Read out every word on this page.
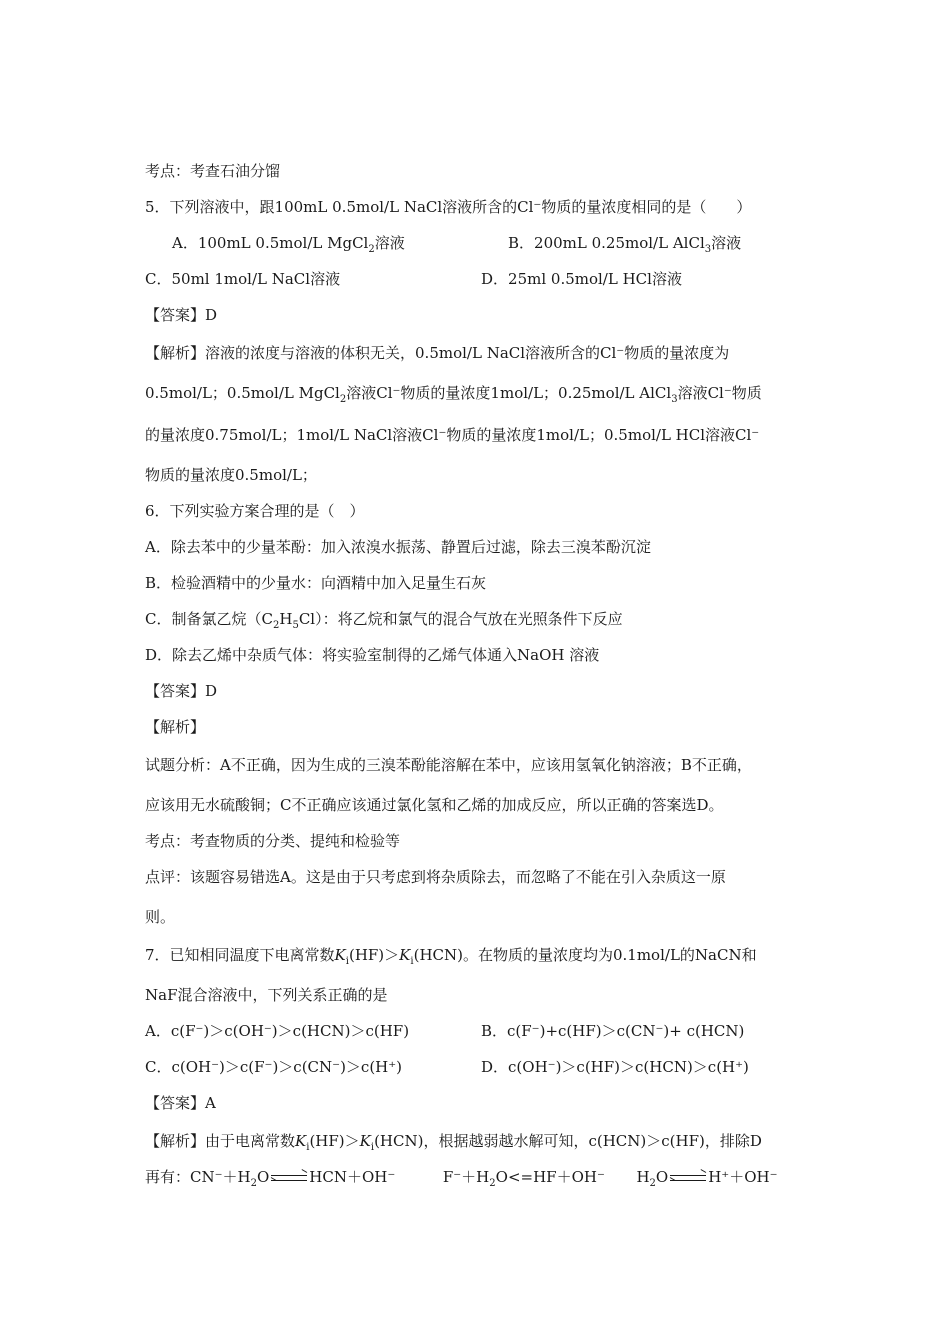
考点：考查石油分馏
5．下列溶液中，跟100mL 0.5mol/L NaCl溶液所含的Cl⁻物质的量浓度相同的是（　　）
A．100mL 0.5mol/L MgCl$_2$溶液	B．200mL 0.25mol/L AlCl$_3$溶液
C．50ml 1mol/L NaCl溶液	D．25ml 0.5mol/L HCl溶液
【答案】D
【解析】溶液的浓度与溶液的体积无关，0.5mol/L NaCl溶液所含的Cl⁻物质的量浓度为
0.5mol/L；0.5mol/L MgCl$_2$溶液Cl⁻物质的量浓度1mol/L；0.25mol/L AlCl$_3$溶液Cl⁻物质
的量浓度0.75mol/L；1mol/L NaCl溶液Cl⁻物质的量浓度1mol/L；0.5mol/L HCl溶液Cl⁻
物质的量浓度0.5mol/L；
6．下列实验方案合理的是（　）
A．除去苯中的少量苯酚：加入浓溴水振荡、静置后过滤，除去三溴苯酚沉淀
B．检验酒精中的少量水：向酒精中加入足量生石灰
C．制备氯乙烷$(C_2H_5Cl)$：将乙烷和氯气的混合气放在光照条件下反应
D．除去乙烯中杂质气体：将实验室制得的乙烯气体通入NaOH 溶液
【答案】D
【解析】
试题分析：A不正确，因为生成的三溴苯酚能溶解在苯中，应该用氢氧化钠溶液；B不正确，
应该用无水硫酸铜；C不正确应该通过氯化氢和乙烯的加成反应，所以正确的答案选D。
考点：考查物质的分类、提纯和检验等
点评：该题容易错选A。这是由于只考虑到将杂质除去，而忽略了不能在引入杂质这一原
则。
7．已知相同温度下电离常数$K_i(HF)>K_i(HCN)$。在物质的量浓度均为0.1mol/L的NaCN和
NaF混合溶液中，下列关系正确的是
A．c(F⁻)＞c(OH⁻)＞c(HCN)＞c(HF)	B．c(F⁻)+c(HF)＞c(CN⁻)+ c(HCN)
C．c(OH⁻)＞c(F⁻)＞c(CN⁻)＞c(H⁺)	D．c(OH⁻)＞c(HF)＞c(HCN)＞c(H⁺)
【答案】A
【解析】由于电离常数$K_i(HF)>K_i(HCN)$，根据越弱越水解可知，c(HCN)＞c(HF)，排除D
再有：$CN^-+H_2O$	HCN＋OH⁻	$F^-+H_2O<=HF+OH^-$ $H_2O$	H⁺＋OH⁻
